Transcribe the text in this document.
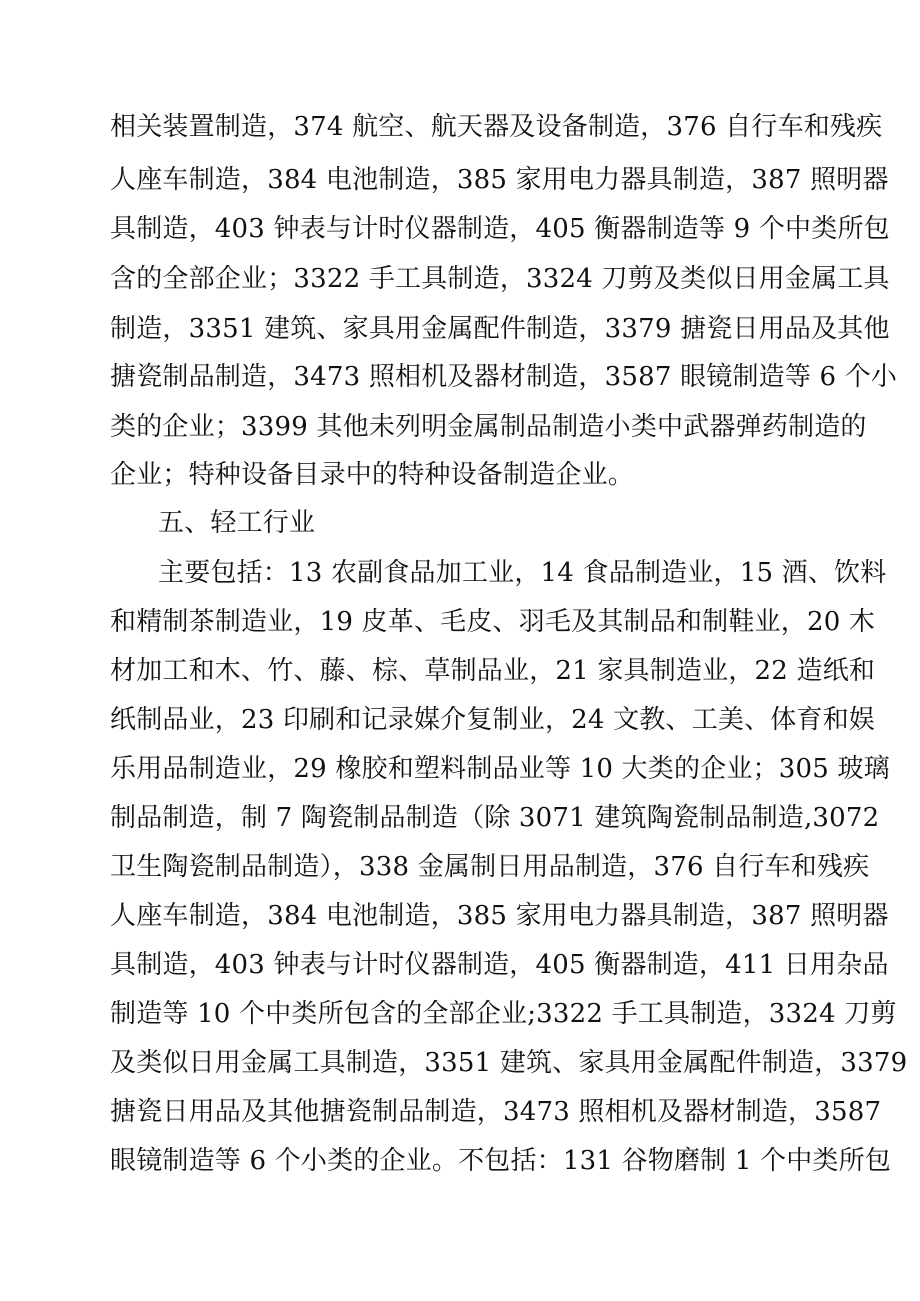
相关装置制造，374 航空、航天器及设备制造，376 自行车和残疾
人座车制造，384 电池制造，385 家用电力器具制造，387 照明器
具制造，403 钟表与计时仪器制造，405 衡器制造等 9 个中类所包
含的全部企业；3322 手工具制造，3324 刀剪及类似日用金属工具
制造，3351 建筑、家具用金属配件制造，3379 搪瓷日用品及其他
搪瓷制品制造，3473 照相机及器材制造，3587 眼镜制造等 6 个小
类的企业；3399 其他未列明金属制品制造小类中武器弹药制造的
企业；特种设备目录中的特种设备制造企业。
五、轻工行业
主要包括：13 农副食品加工业，14 食品制造业，15 酒、饮料
和精制茶制造业，19 皮革、毛皮、羽毛及其制品和制鞋业，20 木
材加工和木、竹、藤、棕、草制品业，21 家具制造业，22 造纸和
纸制品业，23 印刷和记录媒介复制业，24 文教、工美、体育和娱
乐用品制造业，29 橡胶和塑料制品业等 10 大类的企业；305 玻璃
制品制造，制 7 陶瓷制品制造（除 3071 建筑陶瓷制品制造,3072
卫生陶瓷制品制造），338 金属制日用品制造，376 自行车和残疾
人座车制造，384 电池制造，385 家用电力器具制造，387 照明器
具制造，403 钟表与计时仪器制造，405 衡器制造，411 日用杂品
制造等 10 个中类所包含的全部企业;3322 手工具制造，3324 刀剪
及类似日用金属工具制造，3351 建筑、家具用金属配件制造，3379
搪瓷日用品及其他搪瓷制品制造，3473 照相机及器材制造，3587
眼镜制造等 6 个小类的企业。不包括：131 谷物磨制 1 个中类所包
